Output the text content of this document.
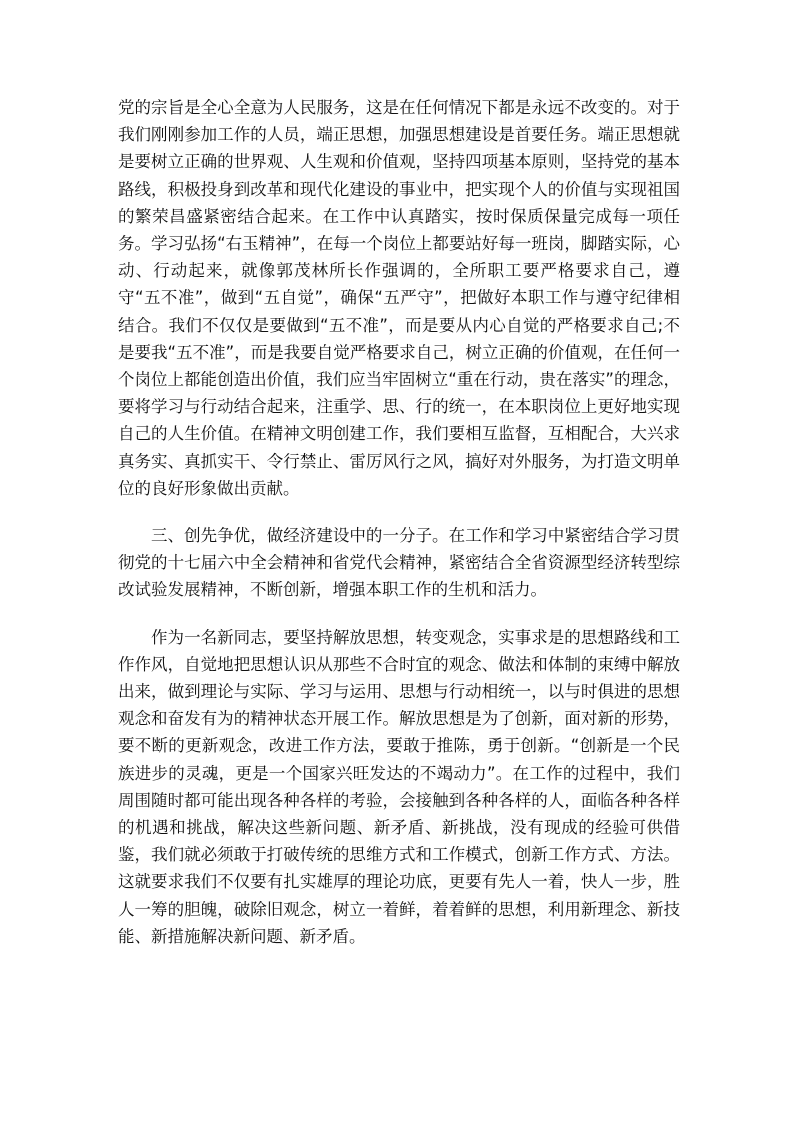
党的宗旨是全心全意为人民服务，这是在任何情况下都是永远不改变的。对于我们刚刚参加工作的人员，端正思想，加强思想建设是首要任务。端正思想就是要树立正确的世界观、人生观和价值观，坚持四项基本原则，坚持党的基本路线，积极投身到改革和现代化建设的事业中，把实现个人的价值与实现祖国的繁荣昌盛紧密结合起来。在工作中认真踏实，按时保质保量完成每一项任务。学习弘扬“右玉精神”，在每一个岗位上都要站好每一班岗，脚踏实际，心动、行动起来，就像郭茂林所长作强调的，全所职工要严格要求自己，遵守“五不准”，做到“五自觉”，确保“五严守”，把做好本职工作与遵守纪律相结合。我们不仅仅是要做到“五不准”，而是要从内心自觉的严格要求自己;不是要我“五不准”，而是我要自觉严格要求自己，树立正确的价值观，在任何一个岗位上都能创造出价值，我们应当牢固树立“重在行动，贵在落实”的理念，要将学习与行动结合起来，注重学、思、行的统一，在本职岗位上更好地实现自己的人生价值。在精神文明创建工作，我们要相互监督，互相配合，大兴求真务实、真抓实干、令行禁止、雷厉风行之风，搞好对外服务，为打造文明单位的良好形象做出贡献。

三、创先争优，做经济建设中的一分子。在工作和学习中紧密结合学习贯彻党的十七届六中全会精神和省党代会精神，紧密结合全省资源型经济转型综改试验发展精神，不断创新，增强本职工作的生机和活力。

作为一名新同志，要坚持解放思想，转变观念，实事求是的思想路线和工作作风，自觉地把思想认识从那些不合时宜的观念、做法和体制的束缚中解放出来，做到理论与实际、学习与运用、思想与行动相统一，以与时俱进的思想观念和奋发有为的精神状态开展工作。解放思想是为了创新，面对新的形势，要不断的更新观念，改进工作方法，要敢于推陈，勇于创新。“创新是一个民族进步的灵魂，更是一个国家兴旺发达的不竭动力”。在工作的过程中，我们周围随时都可能出现各种各样的考验，会接触到各种各样的人，面临各种各样的机遇和挑战，解决这些新问题、新矛盾、新挑战，没有现成的经验可供借鉴，我们就必须敢于打破传统的思维方式和工作模式，创新工作方式、方法。这就要求我们不仅要有扎实雄厚的理论功底，更要有先人一着，快人一步，胜人一筹的胆魄，破除旧观念，树立一着鲜，着着鲜的思想，利用新理念、新技能、新措施解决新问题、新矛盾。
